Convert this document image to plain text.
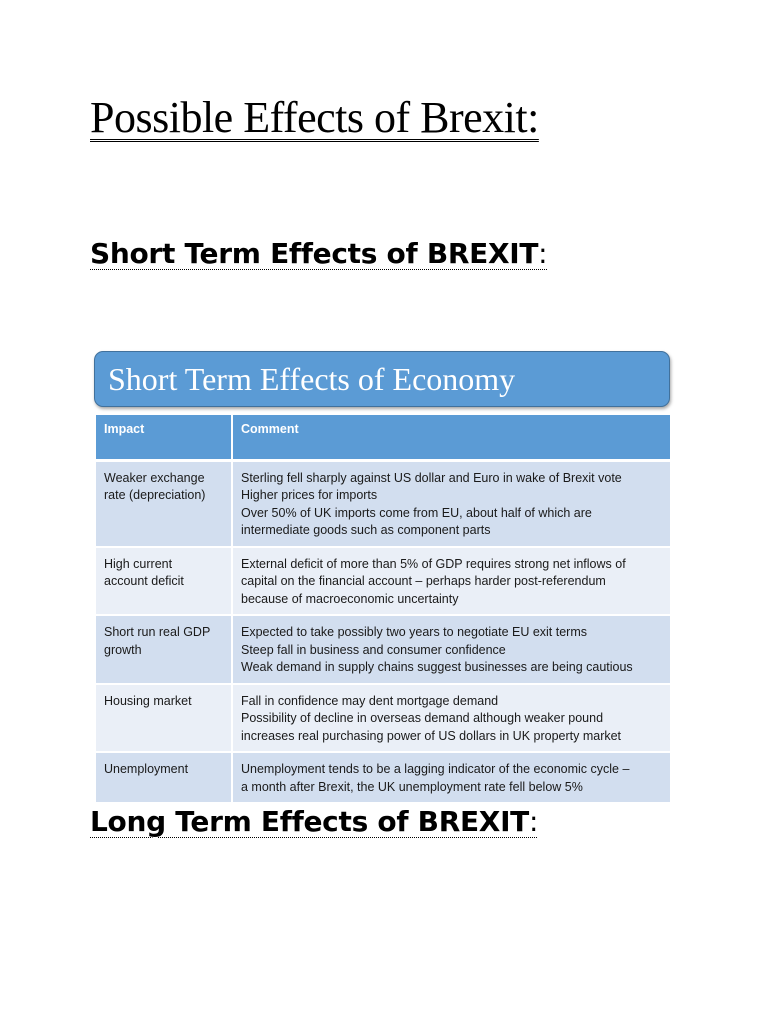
Possible Effects of Brexit:
Short Term Effects of BREXIT:
Short Term Effects of Economy
Impact	Comment

Weaker exchange
rate (depreciation)	Sterling fell sharply against US dollar and Euro in wake of Brexit vote
Higher prices for imports
Over 50% of UK imports come from EU, about half of which are
intermediate goods such as component parts

High current
account deficit	External deficit of more than 5% of GDP requires strong net inflows of
capital on the financial account – perhaps harder post-referendum
because of macroeconomic uncertainty

Short run real GDP
growth	Expected to take possibly two years to negotiate EU exit terms
Steep fall in business and consumer confidence
Weak demand in supply chains suggest businesses are being cautious

Housing market	Fall in confidence may dent mortgage demand
Possibility of decline in overseas demand although weaker pound
increases real purchasing power of US dollars in UK property market

Unemployment	Unemployment tends to be a lagging indicator of the economic cycle –
a month after Brexit, the UK unemployment rate fell below 5%
Long Term Effects of BREXIT:
